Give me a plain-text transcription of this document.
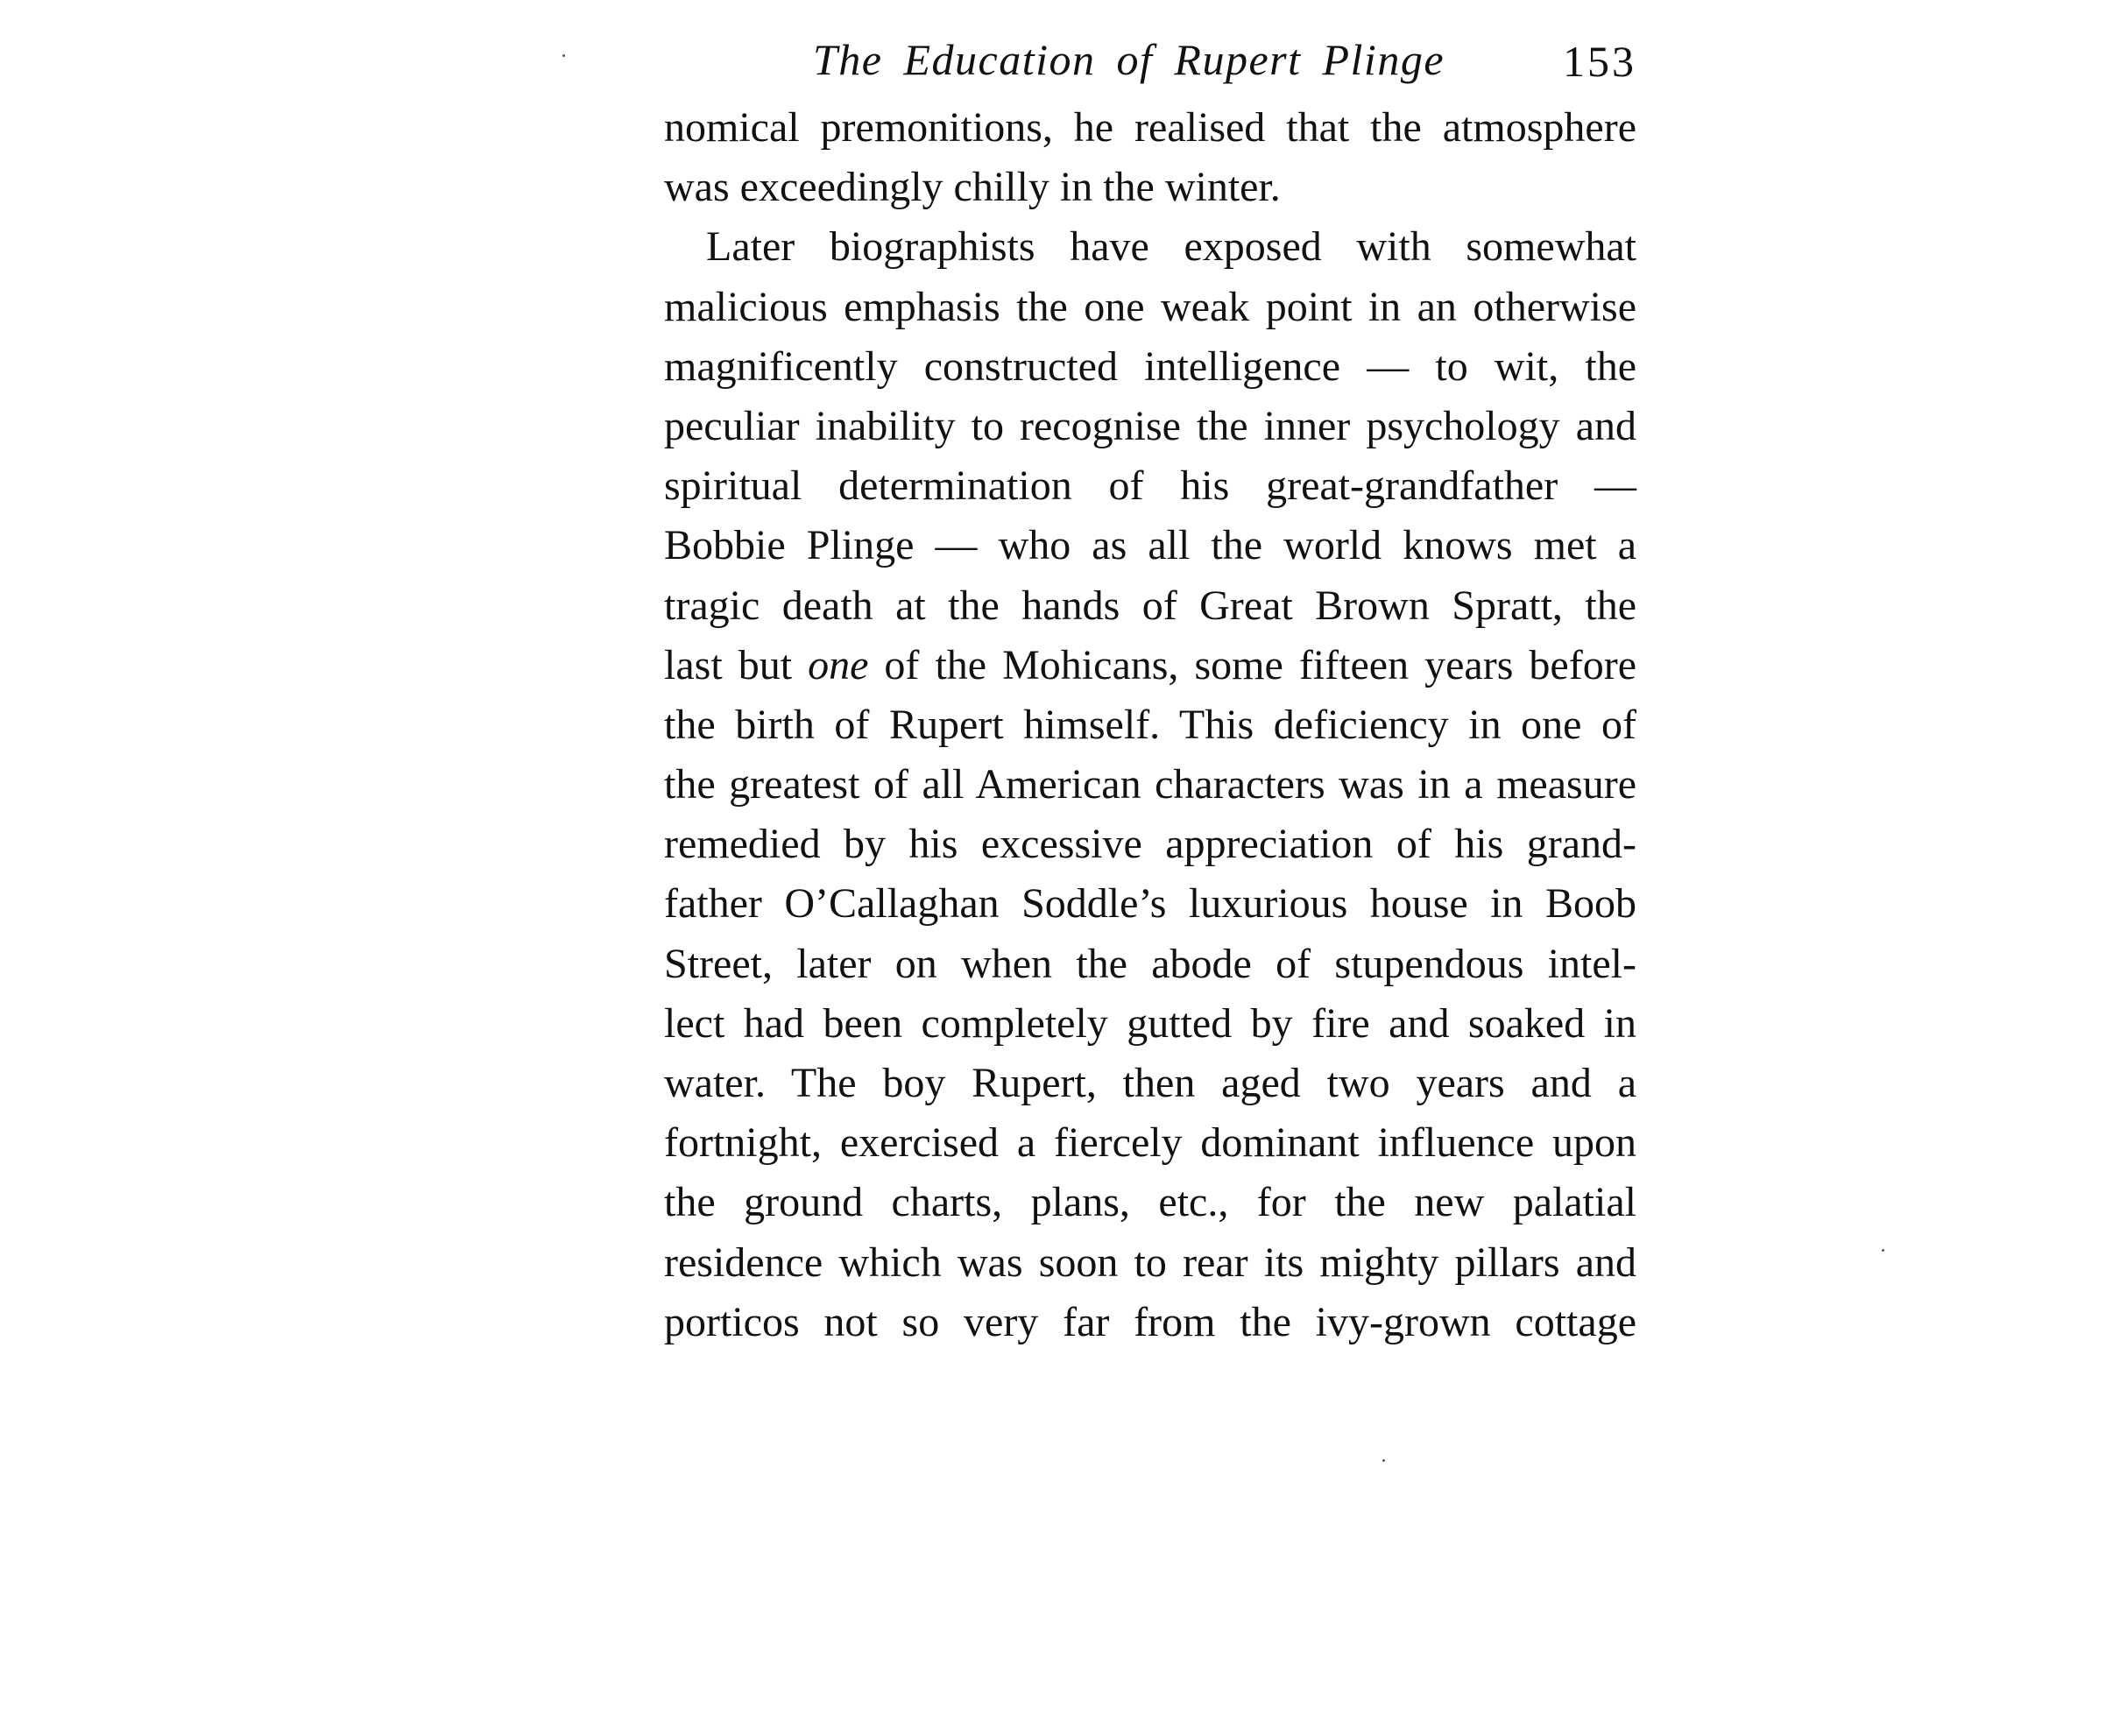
The Education of Rupert Plinge	153
nomical premonitions, he realised that the atmosphere
was exceedingly chilly in the winter.
Later biographists have exposed with somewhat
malicious emphasis the one weak point in an otherwise
magnificently constructed intelligence — to wit, the
peculiar inability to recognise the inner psychology and
spiritual determination of his great-grandfather —
Bobbie Plinge — who as all the world knows met a
tragic death at the hands of Great Brown Spratt, the
last but one of the Mohicans, some fifteen years before
the birth of Rupert himself. This deficiency in one of
the greatest of all American characters was in a measure
remedied by his excessive appreciation of his grand-
father O’Callaghan Soddle’s luxurious house in Boob
Street, later on when the abode of stupendous intel-
lect had been completely gutted by fire and soaked in
water. The boy Rupert, then aged two years and a
fortnight, exercised a fiercely dominant influence upon
the ground charts, plans, etc., for the new palatial
residence which was soon to rear its mighty pillars and
porticos not so very far from the ivy-grown cottage
